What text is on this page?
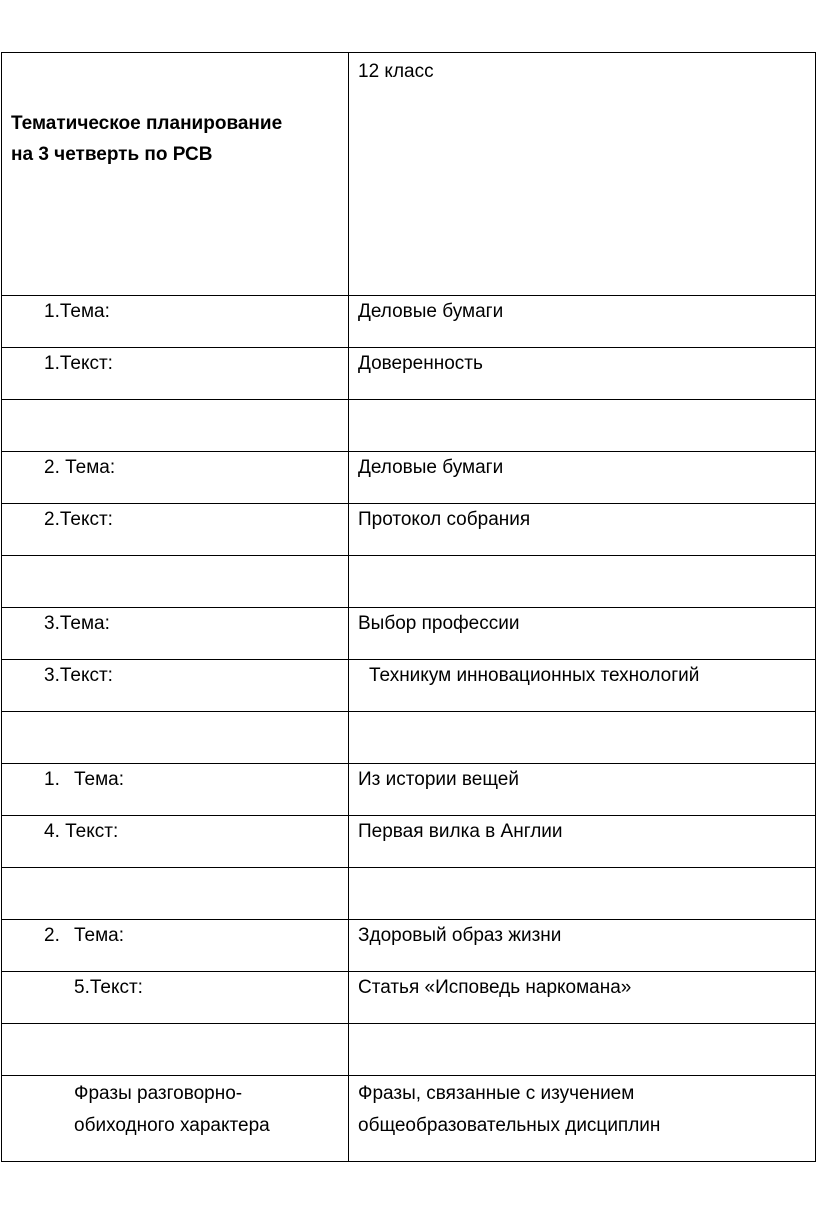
Тематическое планирование
на 3 четверть по РСВ	12 класс

1.Тема:	Деловые бумаги

1.Текст:	Доверенность

2. Тема:	Деловые бумаги

2.Текст:	Протокол собрания

3.Тема:	Выбор профессии

3.Текст:	Техникум инновационных технологий

1. Тема:	Из истории вещей

4. Текст:	Первая вилка в Англии

2. Тема:	Здоровый образ жизни

5.Текст:	Статья «Исповедь наркомана»

Фразы разговорно-
обиходного характера	Фразы, связанные с изучением
общеобразовательных дисциплин
